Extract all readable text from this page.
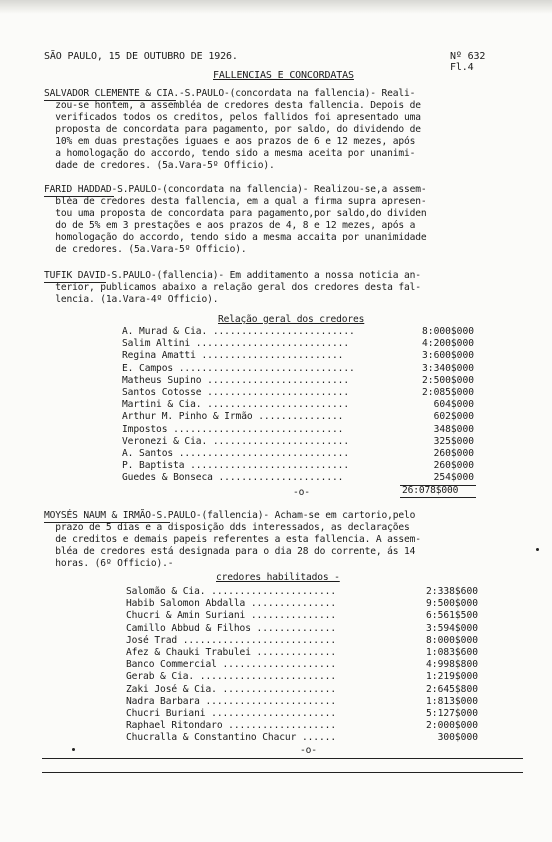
SÃO PAULO, 15 DE OUTUBRO DE 1926.	Nº 632
Fl.4
FALLENCIAS E CONCORDATAS
SALVADOR CLEMENTE & CIA.-S.PAULO-(concordata na fallencia)- Reali-
zou-se hontem, a assembléa de credores desta fallencia. Depois de
verificados todos os creditos, pelos fallidos foi apresentado uma
proposta de concordata para pagamento, por saldo, do dividendo de
10% em duas prestações iguaes e aos prazos de 6 e 12 mezes, após
a homologação do accordo, tendo sido a mesma aceita por unanimi-
dade de credores. (5a.Vara-5º Officio).
FARID HADDAD-S.PAULO-(concordata na fallencia)- Realizou-se,a assem-
bléa de credores desta fallencia, em a qual a firma supra apresen-
tou uma proposta de concordata para pagamento,por saldo,do dividen
do de 5% em 3 prestações e aos prazos de 4, 8 e 12 mezes, após a
homologação do accordo, tendo sido a mesma accaita por unanimidade
de credores. (5a.Vara-5º Officio).
TUFIK DAVID-S.PAULO-(fallencia)- Em additamento a nossa noticia an-
terior, publicamos abaixo a relação geral dos credores desta fal-
lencia. (1a.Vara-4º Officio).
Relação geral dos credores
A. Murad & Cia. .........................	8:000$000
Salim Altini ...........................	4:200$000
Regina Amatti .........................	3:600$000
E. Campos ...............................	3:340$000
Matheus Supino .........................	2:500$000
Santos Cotosse .........................	2:085$000
Martini & Cia. .........................	604$000
Arthur M. Pinho & Irmão ...............	602$000
Impostos ..............................	348$000
Veronezi & Cia. ........................	325$000
A. Santos ..............................	260$000
P. Baptista ............................	260$000
Guedes & Bonseca ......................	254$000
-o-	26:078$000
MOYSÉS NAUM & IRMÃO-S.PAULO-(fallencia)- Acham-se em cartorio,pelo
prazo de 5 dias e a disposição dds interessados, as declarações
de creditos e demais papeis referentes a esta fallencia. A assem-
bléa de credores está designada para o dia 28 do corrente, ás 14
horas. (6º Officio).-
credores habilitados -
Salomão & Cia. ......................	2:338$600
Habib Salomon Abdalla ...............	9:500$000
Chucri & Amin Suriani ...............	6:561$500
Camillo Abbud & Filhos ..............	3:594$000
José Trad ...........................	8:000$000
Afez & Chauki Trabulei ..............	1:083$600
Banco Commercial ....................	4:998$800
Gerab & Cia. ........................	1:219$000
Zaki José & Cia. ....................	2:645$800
Nadra Barbara .......................	1:813$000
Chucri Buriani ......................	5:127$000
Raphael Ritondaro ...................	2:000$000
Chucralla & Constantino Chacur ......	300$000
-o-
